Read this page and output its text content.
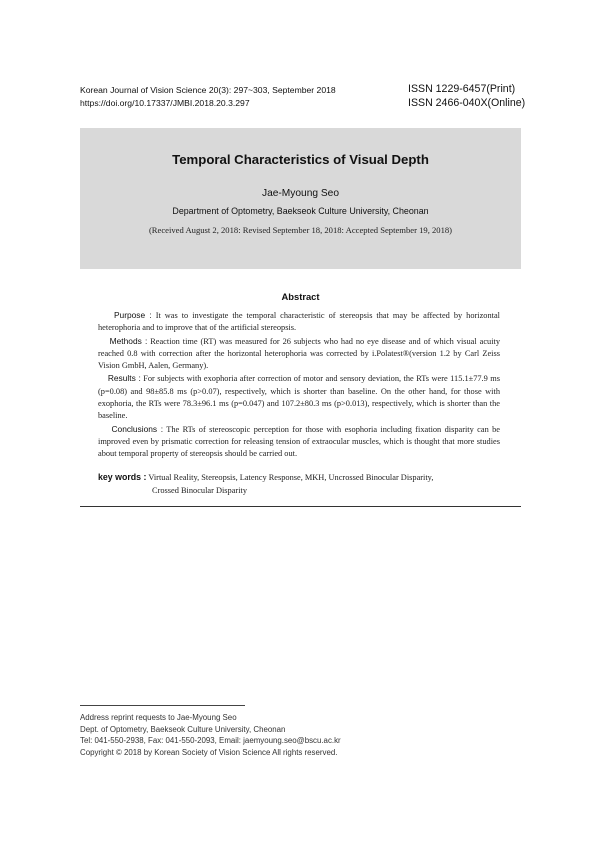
Korean Journal of Vision Science 20(3): 297~303, September 2018
https://doi.org/10.17337/JMBI.2018.20.3.297
ISSN 1229-6457(Print)
ISSN 2466-040X(Online)
Temporal Characteristics of Visual Depth
Jae-Myoung Seo
Department of Optometry, Baekseok Culture University, Cheonan
(Received August 2, 2018: Revised September 18, 2018: Accepted September 19, 2018)
Abstract

Purpose : It was to investigate the temporal characteristic of stereopsis that may be affected by horizontal heterophoria and to improve that of the artificial stereopsis.

Methods : Reaction time (RT) was measured for 26 subjects who had no eye disease and of which visual acuity reached 0.8 with correction after the horizontal heterophoria was corrected by i.Polatest®(version 1.2 by Carl Zeiss Vision GmbH, Aalen, Germany).

Results : For subjects with exophoria after correction of motor and sensory deviation, the RTs were 115.1±77.9 ms (p=0.08) and 98±85.8 ms (p>0.07), respectively, which is shorter than baseline. On the other hand, for those with exophoria, the RTs were 78.3±96.1 ms (p=0.047) and 107.2±80.3 ms (p>0.013), respectively, which is shorter than the baseline.

Conclusions : The RTs of stereoscopic perception for those with esophoria including fixation disparity can be improved even by prismatic correction for releasing tension of extraocular muscles, which is thought that more studies about temporal property of stereopsis should be carried out.

key words : Virtual Reality, Stereopsis, Latency Response, MKH, Uncrossed Binocular Disparity,
Crossed Binocular Disparity
Address reprint requests to Jae-Myoung Seo
Dept. of Optometry, Baekseok Culture University, Cheonan
Tel: 041-550-2938, Fax: 041-550-2093, Email: jaemyoung.seo@bscu.ac.kr
Copyright © 2018 by Korean Society of Vision Science All rights reserved.
